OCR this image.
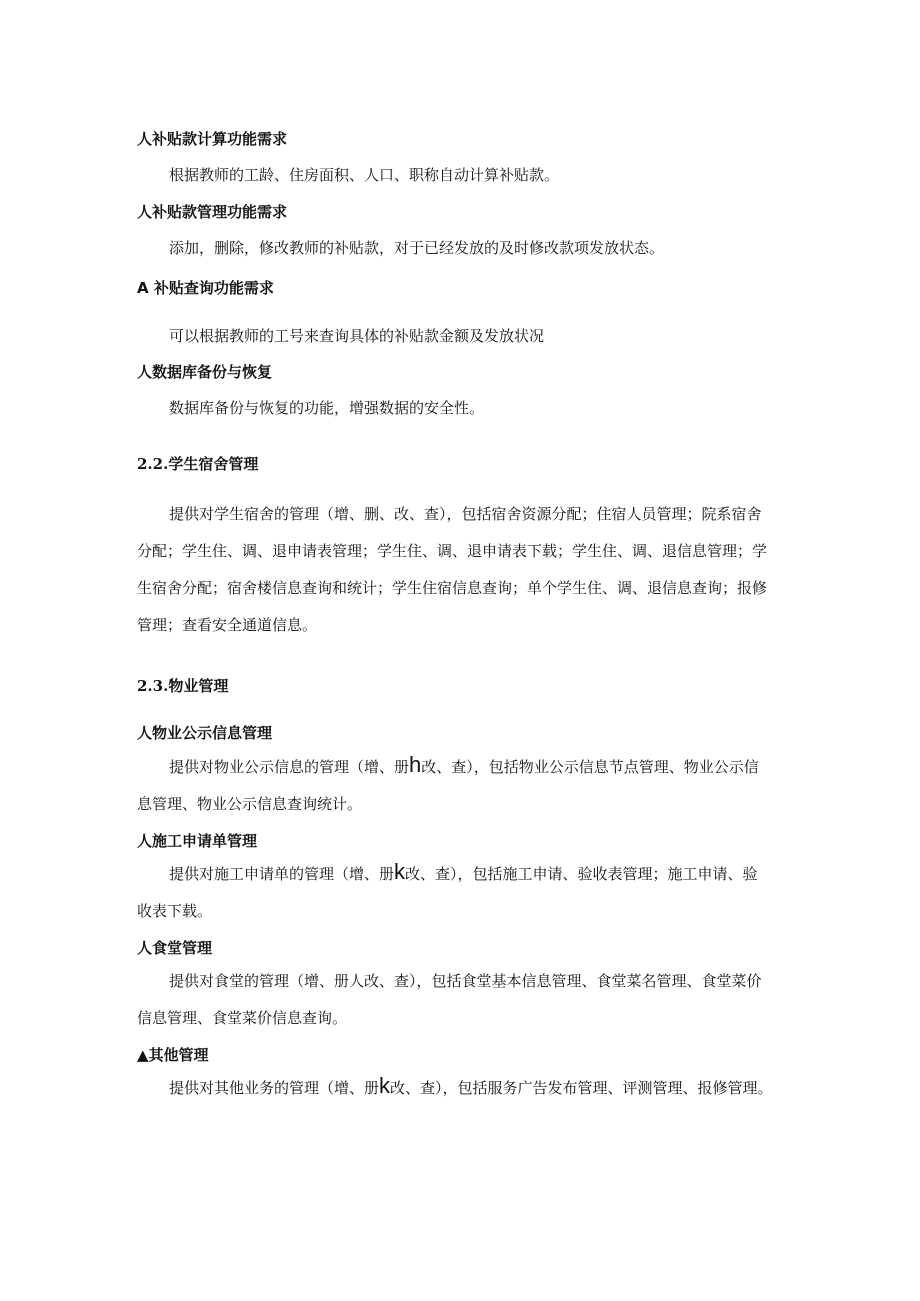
人补贴款计算功能需求
根据教师的工龄、住房面积、人口、职称自动计算补贴款。
人补贴款管理功能需求
添加，删除，修改教师的补贴款，对于已经发放的及时修改款项发放状态。
A 补贴查询功能需求
可以根据教师的工号来查询具体的补贴款金额及发放状况
人数据库备份与恢复
数据库备份与恢复的功能，增强数据的安全性。
2.2.学生宿舍管理
提供对学生宿舍的管理（增、删、改、查），包括宿舍资源分配；住宿人员管理；院系宿舍
分配；学生住、调、退申请表管理；学生住、调、退申请表下载；学生住、调、退信息管理；学
生宿舍分配；宿舍楼信息查询和统计；学生住宿信息查询；单个学生住、调、退信息查询；报修
管理；查看安全通道信息。
2.3.物业管理
人物业公示信息管理
提供对物业公示信息的管理（增、册h改、查），包括物业公示信息节点管理、物业公示信
息管理、物业公示信息查询统计。
人施工申请单管理
提供对施工申请单的管理（增、册k改、查），包括施工申请、验收表管理；施工申请、验
收表下载。
人食堂管理
提供对食堂的管理（增、册人改、查），包括食堂基本信息管理、食堂菜名管理、食堂菜价
信息管理、食堂菜价信息查询。
▲其他管理
提供对其他业务的管理（增、册k改、查），包括服务广告发布管理、评测管理、报修管理。
